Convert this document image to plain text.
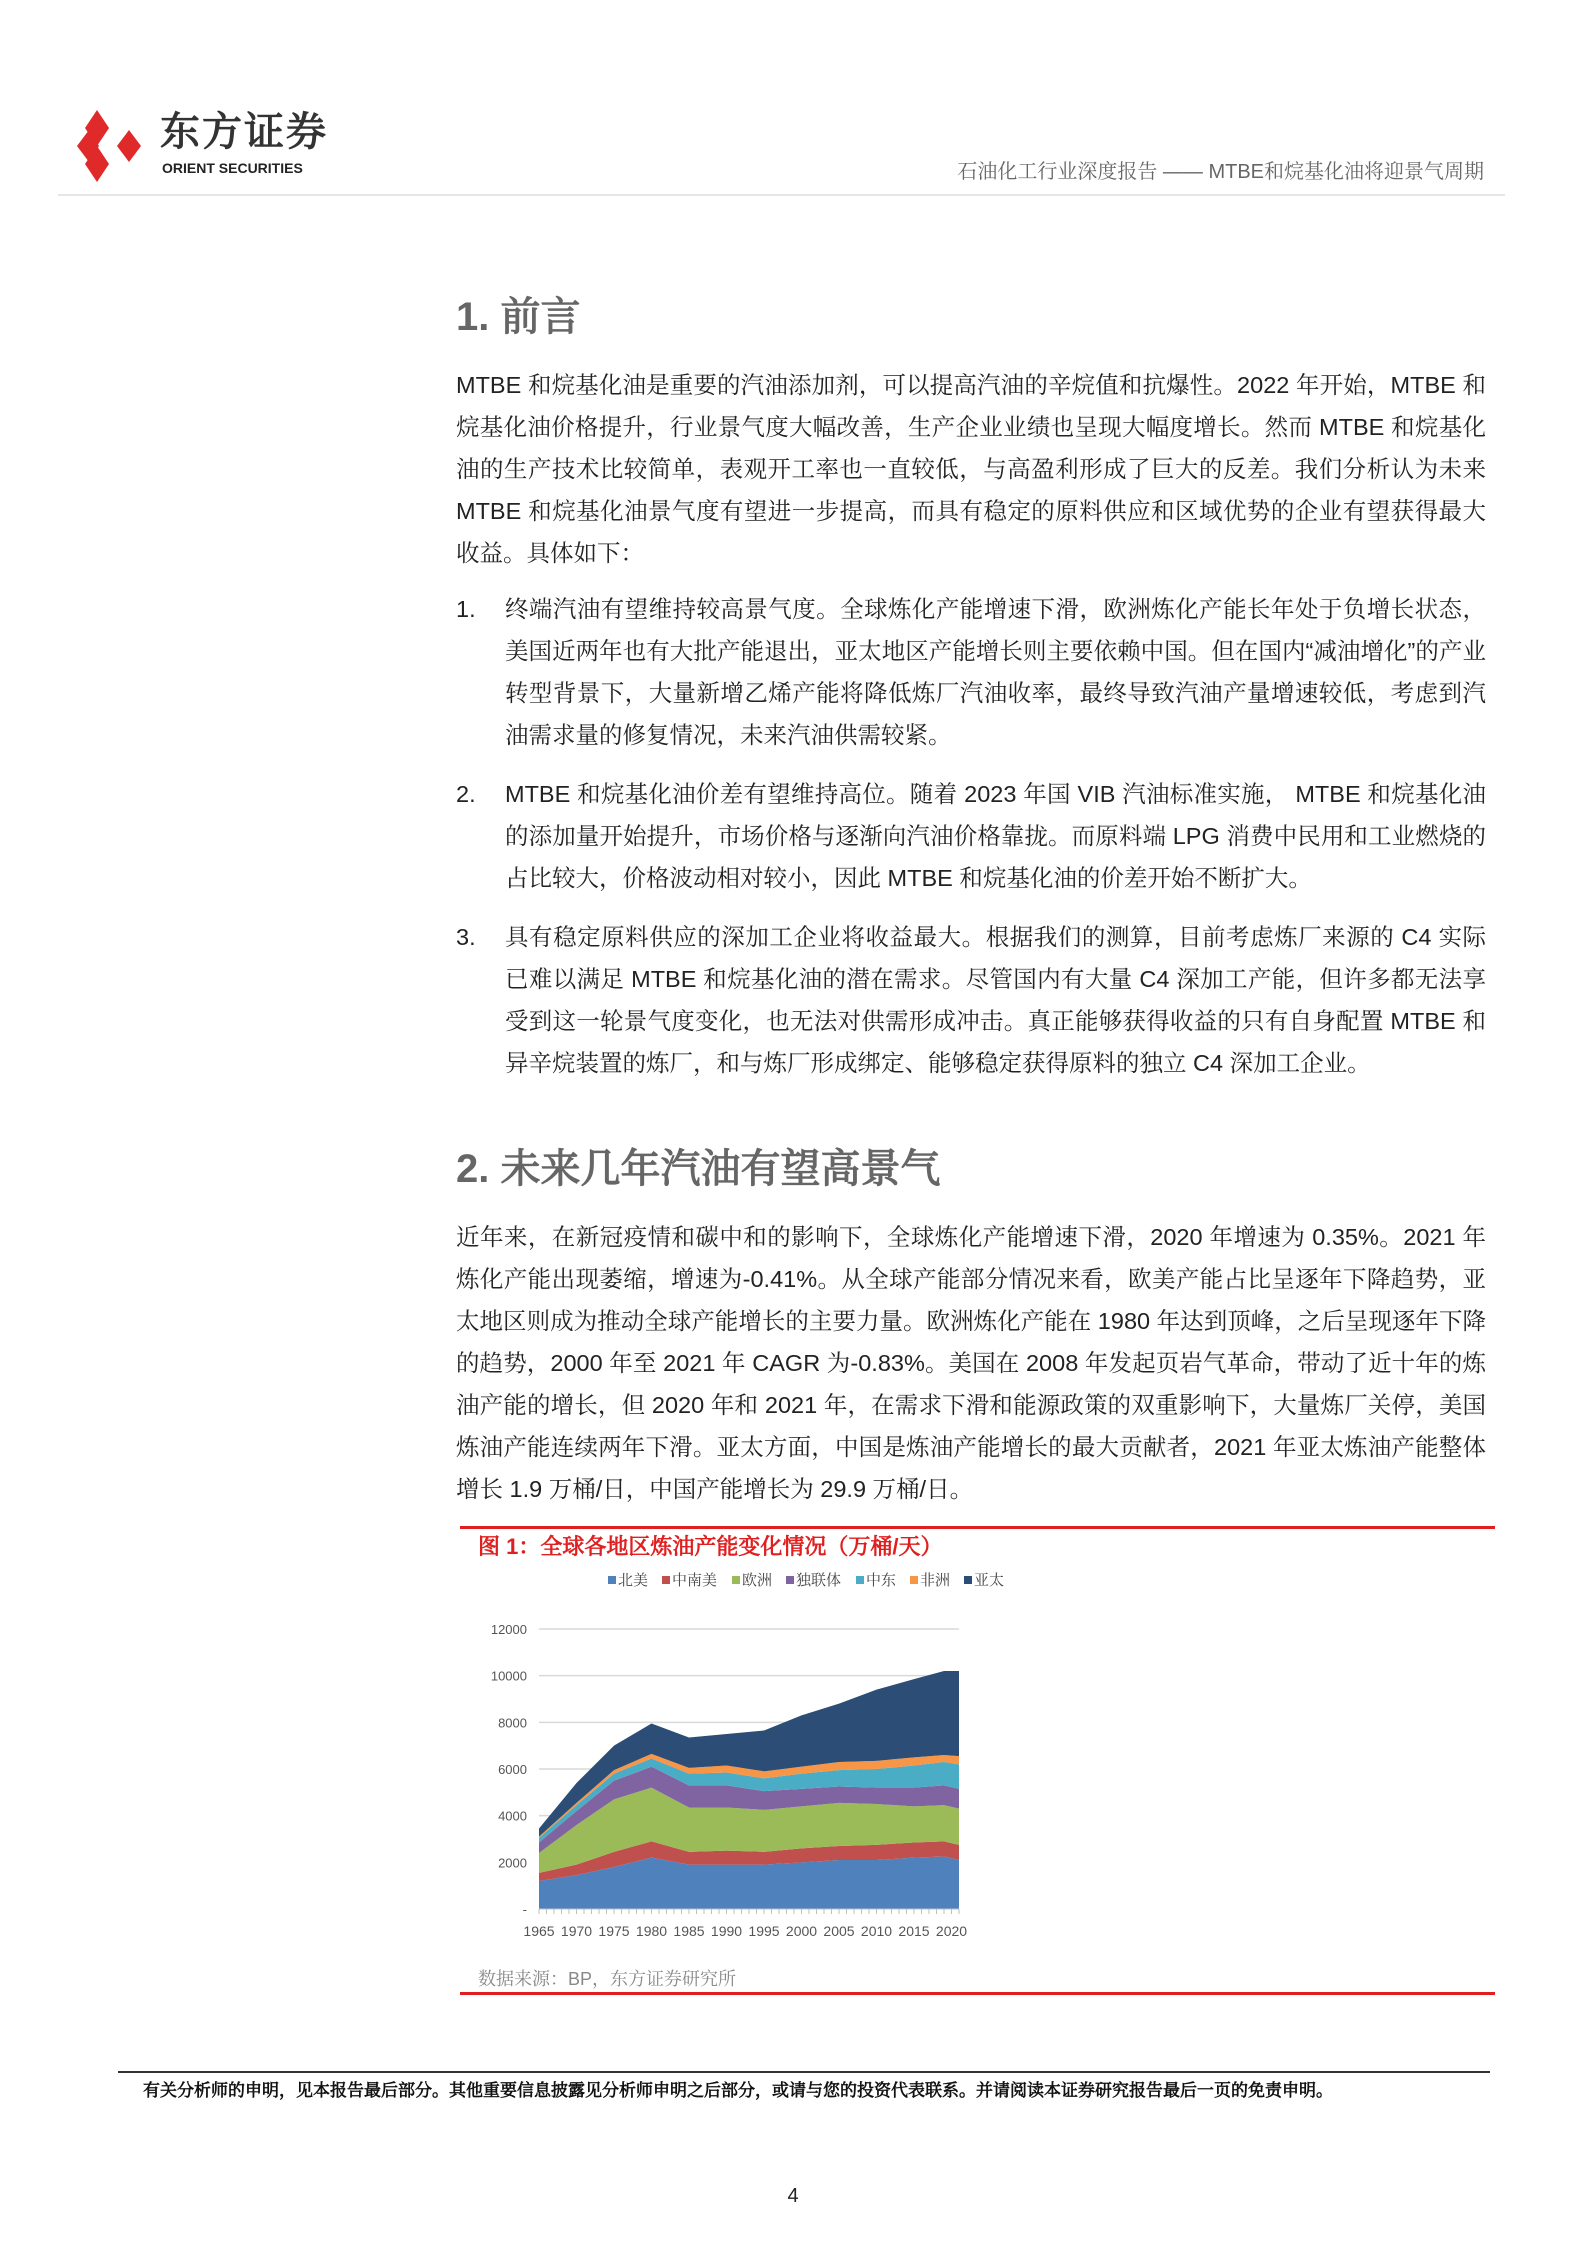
东方证券
ORIENT SECURITIES	石油化工行业深度报告 —— MTBE和烷基化油将迎景气周期
1. 前言

MTBE 和烷基化油是重要的汽油添加剂，可以提高汽油的辛烷值和抗爆性。2022 年开始，MTBE 和烷基化油价格提升，行业景气度大幅改善，生产企业业绩也呈现大幅度增长。然而 MTBE 和烷基化油的生产技术比较简单，表观开工率也一直较低，与高盈利形成了巨大的反差。我们分析认为未来 MTBE 和烷基化油景气度有望进一步提高，而具有稳定的原料供应和区域优势的企业有望获得最大收益。具体如下：

1. 终端汽油有望维持较高景气度。全球炼化产能增速下滑，欧洲炼化产能长年处于负增长状态，美国近两年也有大批产能退出，亚太地区产能增长则主要依赖中国。但在国内“减油增化”的产业转型背景下，大量新增乙烯产能将降低炼厂汽油收率，最终导致汽油产量增速较低，考虑到汽油需求量的修复情况，未来汽油供需较紧。
2. MTBE 和烷基化油价差有望维持高位。随着 2023 年国 VIB 汽油标准实施， MTBE 和烷基化油的添加量开始提升，市场价格与逐渐向汽油价格靠拢。而原料端 LPG 消费中民用和工业燃烧的占比较大，价格波动相对较小，因此 MTBE 和烷基化油的价差开始不断扩大。
3. 具有稳定原料供应的深加工企业将收益最大。根据我们的测算，目前考虑炼厂来源的 C4 实际已难以满足 MTBE 和烷基化油的潜在需求。尽管国内有大量 C4 深加工产能，但许多都无法享受到这一轮景气度变化，也无法对供需形成冲击。真正能够获得收益的只有自身配置 MTBE 和异辛烷装置的炼厂，和与炼厂形成绑定、能够稳定获得原料的独立 C4 深加工企业。
2. 未来几年汽油有望高景气

近年来，在新冠疫情和碳中和的影响下，全球炼化产能增速下滑，2020 年增速为 0.35%。2021 年炼化产能出现萎缩，增速为-0.41%。从全球产能部分情况来看，欧美产能占比呈逐年下降趋势，亚太地区则成为推动全球产能增长的主要力量。欧洲炼化产能在 1980 年达到顶峰，之后呈现逐年下降的趋势，2000 年至 2021 年 CAGR 为-0.83%。美国在 2008 年发起页岩气革命，带动了近十年的炼油产能的增长，但 2020 年和 2021 年，在需求下滑和能源政策的双重影响下，大量炼厂关停，美国炼油产能连续两年下滑。亚太方面，中国是炼油产能增长的最大贡献者，2021 年亚太炼油产能整体增长 1.9 万桶/日，中国产能增长为 29.9 万桶/日。

图 1：全球各地区炼油产能变化情况（万桶/天）
北美 中南美 欧洲 独联体 中东 非洲 亚太
-
2000
4000
6000
8000
10000
12000
1965 1970 1975 1980 1985 1990 1995 2000 2005 2010 2015 2020
数据来源：BP，东方证券研究所
有关分析师的申明，见本报告最后部分。其他重要信息披露见分析师申明之后部分，或请与您的投资代表联系。并请阅读本证券研究报告最后一页的免责申明。
4
